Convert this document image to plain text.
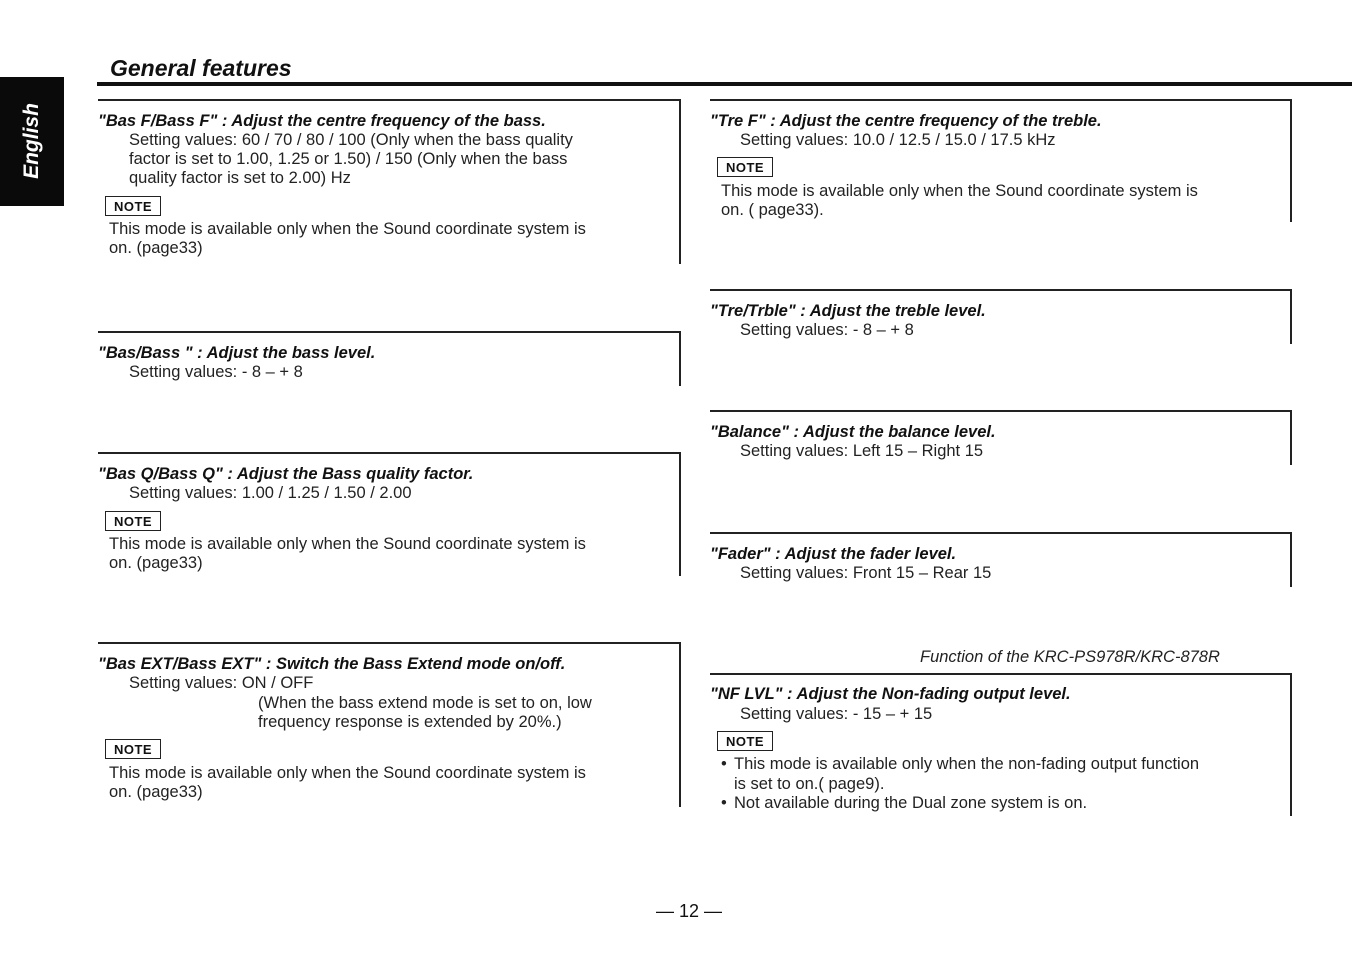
English
General features
"Bas F/Bass F" : Adjust the centre frequency of the bass.
Setting values: 60 / 70 / 80 / 100 (Only when the bass quality
factor is set to 1.00, 1.25 or 1.50) / 150 (Only when the bass
quality factor is set to 2.00) Hz
NOTE
This mode is available only when the Sound coordinate system is
on. (page33)
"Bas/Bass " : Adjust the bass level.
Setting values: - 8 – + 8
"Bas Q/Bass Q" : Adjust the Bass quality factor.
Setting values: 1.00 / 1.25 / 1.50 / 2.00
NOTE
This mode is available only when the Sound coordinate system is
on. (page33)
"Bas EXT/Bass EXT" : Switch the Bass Extend mode on/off.
Setting values: ON / OFF
(When the bass extend mode is set to on, low
frequency response is extended by 20%.)
NOTE
This mode is available only when the Sound coordinate system is
on. (page33)
"Tre F" : Adjust the centre frequency of the treble.
Setting values: 10.0 / 12.5 / 15.0 / 17.5 kHz
NOTE
This mode is available only when the Sound coordinate system is
on. ( page33).
"Tre/Trble" : Adjust the treble level.
Setting values: - 8 – + 8
"Balance" : Adjust the balance level.
Setting values: Left 15 – Right 15
"Fader" : Adjust the fader level.
Setting values: Front 15 – Rear 15
Function of the KRC-PS978R/KRC-878R
"NF LVL" : Adjust the Non-fading output level.
Setting values: - 15 – + 15
NOTE
• This mode is available only when the non-fading output function
is set to on.( page9).
• Not available during the Dual zone system is on.
— 12 —
